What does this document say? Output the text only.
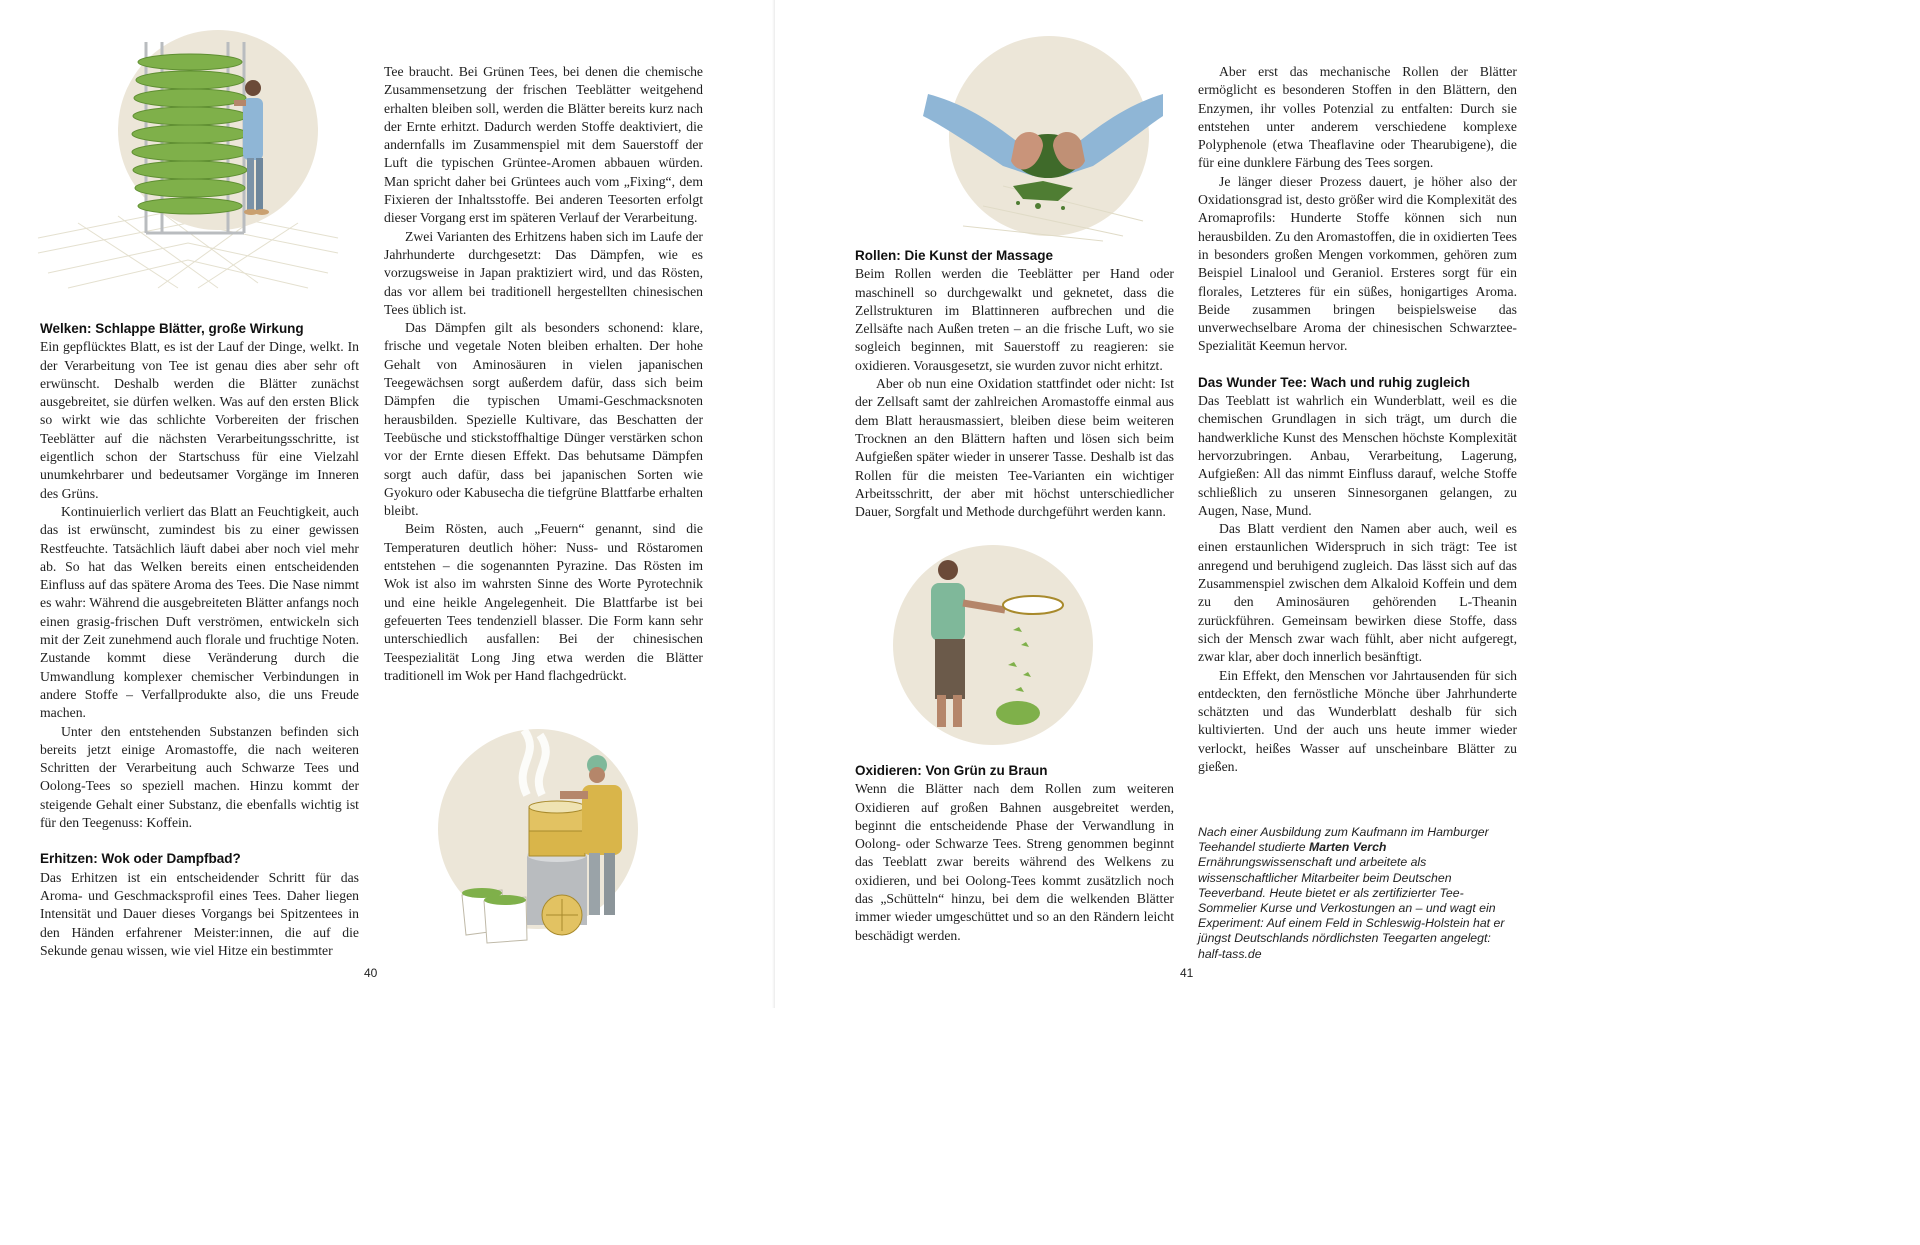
Welken: Schlappe Blätter, große Wirkung

Ein gepflücktes Blatt, es ist der Lauf der Dinge, welkt. In der Verarbeitung von Tee ist genau dies aber sehr oft erwünscht. Deshalb werden die Blätter zunächst ausgebreitet, sie dürfen welken. Was auf den ersten Blick so wirkt wie das schlichte Vorbereiten der frischen Teeblätter auf die nächsten Verarbeitungsschritte, ist eigentlich schon der Startschuss für eine Vielzahl unumkehrbarer und bedeutsamer Vorgänge im Inneren des Grüns.

Kontinuierlich verliert das Blatt an Feuchtigkeit, auch das ist erwünscht, zumindest bis zu einer gewissen Restfeuchte. Tatsächlich läuft dabei aber noch viel mehr ab. So hat das Welken bereits einen entscheidenden Einfluss auf das spätere Aroma des Tees. Die Nase nimmt es wahr: Während die ausgebreiteten Blätter anfangs noch einen grasig-frischen Duft verströmen, entwickeln sich mit der Zeit zunehmend auch florale und fruchtige Noten. Zustande kommt diese Veränderung durch die Umwandlung komplexer chemischer Verbindungen in andere Stoffe – Verfallprodukte also, die uns Freude machen.

Unter den entstehenden Substanzen befinden sich bereits jetzt einige Aromastoffe, die nach weiteren Schritten der Verarbeitung auch Schwarze Tees und Oolong-Tees so speziell machen. Hinzu kommt der steigende Gehalt einer Substanz, die ebenfalls wichtig ist für den Teegenuss: Koffein.

Erhitzen: Wok oder Dampfbad?

Das Erhitzen ist ein entscheidender Schritt für das Aroma- und Geschmacksprofil eines Tees. Daher liegen Intensität und Dauer dieses Vorgangs bei Spitzentees in den Händen erfahrener Meister:innen, die auf die Sekunde genau wissen, wie viel Hitze ein bestimmter

Tee braucht. Bei Grünen Tees, bei denen die chemische Zusammensetzung der frischen Teeblätter weitgehend erhalten bleiben soll, werden die Blätter bereits kurz nach der Ernte erhitzt. Dadurch werden Stoffe deaktiviert, die andernfalls im Zusammenspiel mit dem Sauerstoff der Luft die typischen Grüntee-Aromen abbauen würden. Man spricht daher bei Grüntees auch vom „Fixing“, dem Fixieren der Inhaltsstoffe. Bei anderen Teesorten erfolgt dieser Vorgang erst im späteren Verlauf der Verarbeitung.

Zwei Varianten des Erhitzens haben sich im Laufe der Jahrhunderte durchgesetzt: Das Dämpfen, wie es vorzugsweise in Japan praktiziert wird, und das Rösten, das vor allem bei traditionell hergestellten chinesischen Tees üblich ist.

Das Dämpfen gilt als besonders schonend: klare, frische und vegetale Noten bleiben erhalten. Der hohe Gehalt von Aminosäuren in vielen japanischen Teegewächsen sorgt außerdem dafür, dass sich beim Dämpfen die typischen Umami-Geschmacksnoten herausbilden. Spezielle Kultivare, das Beschatten der Teebüsche und stickstoffhaltige Dünger verstärken schon vor der Ernte diesen Effekt. Das behutsame Dämpfen sorgt auch dafür, dass bei japanischen Sorten wie Gyokuro oder Kabusecha die tiefgrüne Blattfarbe erhalten bleibt.

Beim Rösten, auch „Feuern“ genannt, sind die Temperaturen deutlich höher: Nuss- und Röstaromen entstehen – die sogenannten Pyrazine. Das Rösten im Wok ist also im wahrsten Sinne des Worte Pyrotechnik und eine heikle Angelegenheit. Die Blattfarbe ist bei gefeuerten Tees tendenziell blasser. Die Form kann sehr unterschiedlich ausfallen: Bei der chinesischen Teespezialität Long Jing etwa werden die Blätter traditionell im Wok per Hand flachgedrückt.

40
Rollen: Die Kunst der Massage

Beim Rollen werden die Teeblätter per Hand oder maschinell so durchgewalkt und geknetet, dass die Zellstrukturen im Blattinneren aufbrechen und die Zellsäfte nach Außen treten – an die frische Luft, wo sie sogleich beginnen, mit Sauerstoff zu reagieren: sie oxidieren. Vorausgesetzt, sie wurden zuvor nicht erhitzt.

Aber ob nun eine Oxidation stattfindet oder nicht: Ist der Zellsaft samt der zahlreichen Aromastoffe einmal aus dem Blatt herausmassiert, bleiben diese beim weiteren Trocknen an den Blättern haften und lösen sich beim Aufgießen später wieder in unserer Tasse. Deshalb ist das Rollen für die meisten Tee-Varianten ein wichtiger Arbeitsschritt, der aber mit höchst unterschiedlicher Dauer, Sorgfalt und Methode durchgeführt werden kann.

Oxidieren: Von Grün zu Braun

Wenn die Blätter nach dem Rollen zum weiteren Oxidieren auf großen Bahnen ausgebreitet werden, beginnt die entscheidende Phase der Verwandlung in Oolong- oder Schwarze Tees. Streng genommen beginnt das Teeblatt zwar bereits während des Welkens zu oxidieren, und bei Oolong-Tees kommt zusätzlich noch das „Schütteln“ hinzu, bei dem die welkenden Blätter immer wieder umgeschüttet und so an den Rändern leicht beschädigt werden.

Aber erst das mechanische Rollen der Blätter ermöglicht es besonderen Stoffen in den Blättern, den Enzymen, ihr volles Potenzial zu entfalten: Durch sie entstehen unter anderem verschiedene komplexe Polyphenole (etwa Theaflavine oder Thearubigene), die für eine dunklere Färbung des Tees sorgen.

Je länger dieser Prozess dauert, je höher also der Oxidationsgrad ist, desto größer wird die Komplexität des Aromaprofils: Hunderte Stoffe können sich nun herausbilden. Zu den Aromastoffen, die in oxidierten Tees in besonders großen Mengen vorkommen, gehören zum Beispiel Linalool und Geraniol. Ersteres sorgt für ein florales, Letzteres für ein süßes, honigartiges Aroma. Beide zusammen bringen beispielsweise das unverwechselbare Aroma der chinesischen Schwarztee-Spezialität Keemun hervor.

Das Wunder Tee: Wach und ruhig zugleich

Das Teeblatt ist wahrlich ein Wunderblatt, weil es die chemischen Grundlagen in sich trägt, um durch die handwerkliche Kunst des Menschen höchste Komplexität hervorzubringen. Anbau, Verarbeitung, Lagerung, Aufgießen: All das nimmt Einfluss darauf, welche Stoffe schließlich zu unseren Sinnesorganen gelangen, zu Augen, Nase, Mund.

Das Blatt verdient den Namen aber auch, weil es einen erstaunlichen Widerspruch in sich trägt: Tee ist anregend und beruhigend zugleich. Das lässt sich auf das Zusammenspiel zwischen dem Alkaloid Koffein und dem zu den Aminosäuren gehörenden L-Theanin zurückführen. Gemeinsam bewirken diese Stoffe, dass sich der Mensch zwar wach fühlt, aber nicht aufgeregt, zwar klar, aber doch innerlich besänftigt.

Ein Effekt, den Menschen vor Jahrtausenden für sich entdeckten, den fernöstliche Mönche über Jahrhunderte schätzten und das Wunderblatt deshalb für sich kultivierten. Und der auch uns heute immer wieder verlockt, heißes Wasser auf unscheinbare Blätter zu gießen.

Nach einer Ausbildung zum Kaufmann im Hamburger Teehandel studierte Marten Verch Ernährungswissenschaft und arbeitete als wissenschaftlicher Mitarbeiter beim Deutschen Teeverband. Heute bietet er als zertifizierter Tee-Sommelier Kurse und Verkostungen an – und wagt ein Experiment: Auf einem Feld in Schleswig-Holstein hat er jüngst Deutschlands nördlichsten Teegarten angelegt: half-tass.de
41
